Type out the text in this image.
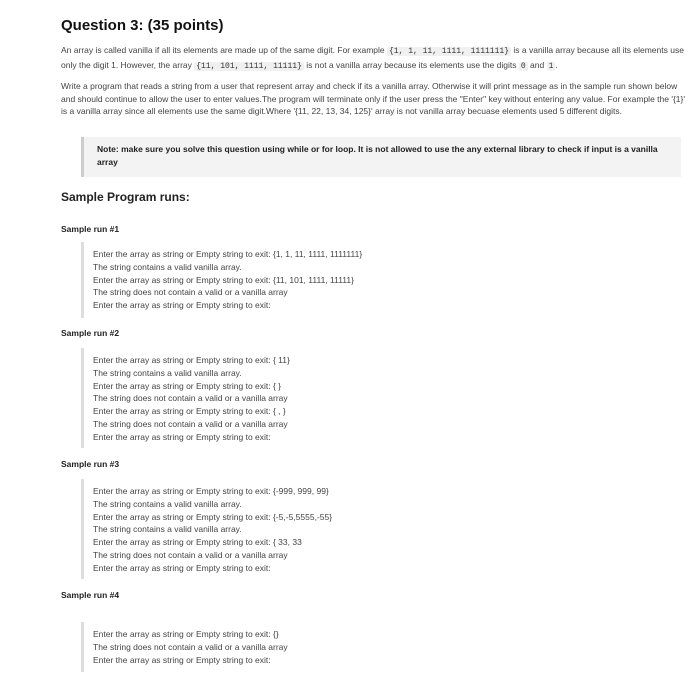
Question 3: (35 points)

An array is called vanilla if all its elements are made up of the same digit. For example {1, 1, 11, 1111, 1111111} is a vanilla array because all its elements use only the digit 1. However, the array {11, 101, 1111, 11111} is not a vanilla array because its elements use the digits 0 and 1 .

Write a program that reads a string from a user that represent array and check if its a vanilla array. Otherwise it will print message as in the sample run shown below and should continue to allow the user to enter values.The program will terminate only if the user press the "Enter" key without entering any value. For example the '{1}' is a vanilla array since all elements use the same digit.Where '{11, 22, 13, 34, 125}' array is not vanilla array becuase elements used 5 different digits.

Note: make sure you solve this question using while or for loop. It is not allowed to use the any external library to check if input is a vanilla array

Sample Program runs:
Sample run #1
Enter the array as string or Empty string to exit: {1, 1, 11, 1111, 1111111}
The string contains a valid vanilla array.
Enter the array as string or Empty string to exit: {11, 101, 1111, 11111}
The string does not contain a valid or a vanilla array
Enter the array as string or Empty string to exit:
Sample run #2
Enter the array as string or Empty string to exit: { 11}
The string contains a valid vanilla array.
Enter the array as string or Empty string to exit: { }
The string does not contain a valid or a vanilla array
Enter the array as string or Empty string to exit: { , }
The string does not contain a valid or a vanilla array
Enter the array as string or Empty string to exit:
Sample run #3
Enter the array as string or Empty string to exit: {-999, 999, 99}
The string contains a valid vanilla array.
Enter the array as string or Empty string to exit: {-5,-5,5555,-55}
The string contains a valid vanilla array.
Enter the array as string or Empty string to exit: { 33, 33
The string does not contain a valid or a vanilla array
Enter the array as string or Empty string to exit:
Sample run #4
Enter the array as string or Empty string to exit: {}
The string does not contain a valid or a vanilla array
Enter the array as string or Empty string to exit:
